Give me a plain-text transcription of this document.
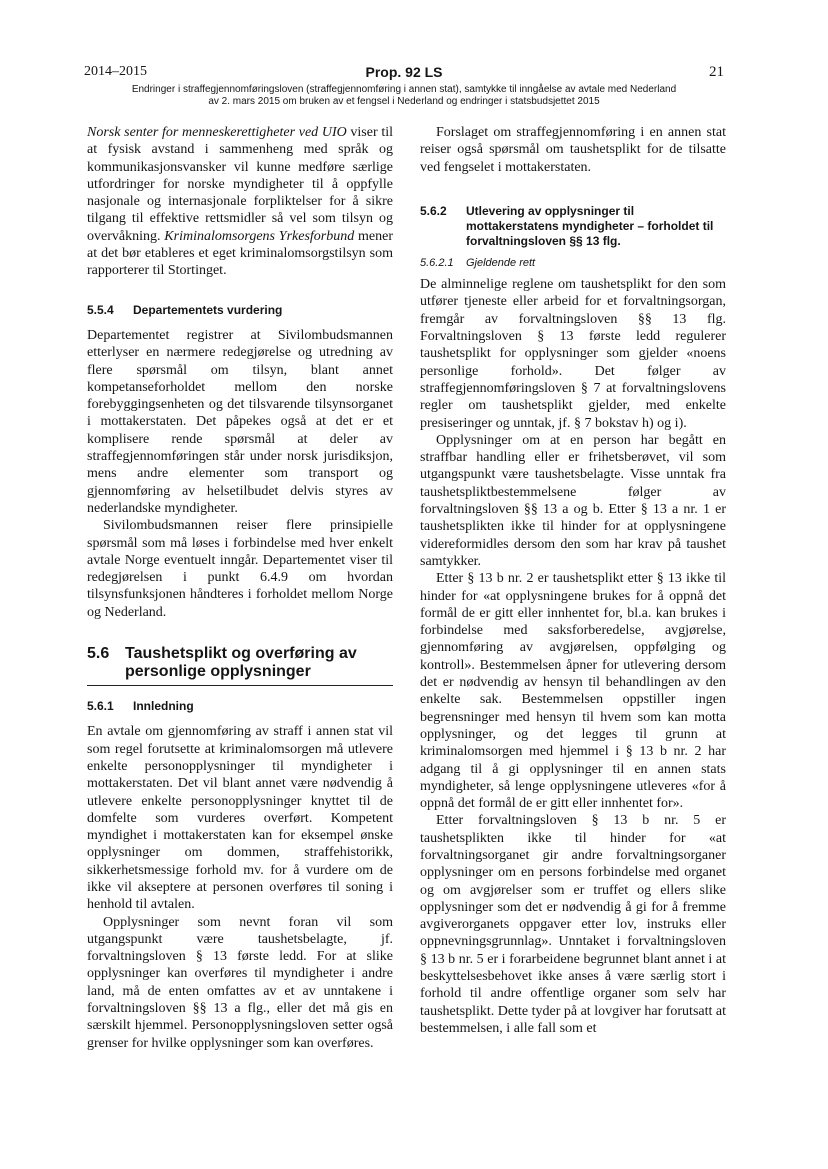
2014–2015	Prop. 92 LS	21
Endringer i straffegjennomføringsloven (straffegjennomføring i annen stat), samtykke til inngåelse av avtale med Nederland
av 2. mars 2015 om bruken av et fengsel i Nederland og endringer i statsbudsjettet 2015

Norsk senter for menneskerettigheter ved UIO viser til at fysisk avstand i sammenheng med språk og kommunikasjonsvansker vil kunne medføre særlige utfordringer for norske myndigheter til å oppfylle nasjonale og internasjonale forpliktelser for å sikre tilgang til effektive rettsmidler så vel som tilsyn og overvåkning. Kriminalomsorgens Yrkesforbund mener at det bør etableres et eget kriminalomsorgstilsyn som rapporterer til Stortinget.

5.5.4 Departementets vurdering

Departementet registrer at Sivilombudsmannen etterlyser en nærmere redegjørelse og utredning av flere spørsmål om tilsyn, blant annet kompetanseforholdet mellom den norske forebyggingsenheten og det tilsvarende tilsynsorganet i mottakerstaten. Det påpekes også at det er et komplisere rende spørsmål at deler av straffegjennomføringen står under norsk jurisdiksjon, mens andre elementer som transport og gjennomføring av helsetilbudet delvis styres av nederlandske myndigheter.

Sivilombudsmannen reiser flere prinsipielle spørsmål som må løses i forbindelse med hver enkelt avtale Norge eventuelt inngår. Departementet viser til redegjørelsen i punkt 6.4.9 om hvordan tilsynsfunksjonen håndteres i forholdet mellom Norge og Nederland.

5.6 Taushetsplikt og overføring av personlige opplysninger
5.6.1 Innledning

En avtale om gjennomføring av straff i annen stat vil som regel forutsette at kriminalomsorgen må utlevere enkelte personopplysninger til myndigheter i mottakerstaten. Det vil blant annet være nødvendig å utlevere enkelte personopplysninger knyttet til de domfelte som vurderes overført. Kompetent myndighet i mottakerstaten kan for eksempel ønske opplysninger om dommen, straffehistorikk, sikkerhetsmessige forhold mv. for å vurdere om de ikke vil akseptere at personen overføres til soning i henhold til avtalen.

Opplysninger som nevnt foran vil som utgangspunkt være taushetsbelagte, jf. forvaltningsloven § 13 første ledd. For at slike opplysninger kan overføres til myndigheter i andre land, må de enten omfattes av et av unntakene i forvaltningsloven §§ 13 a flg., eller det må gis en særskilt hjemmel. Personopplysningsloven setter også grenser for hvilke opplysninger som kan overføres.

Forslaget om straffegjennomføring i en annen stat reiser også spørsmål om taushetsplikt for de tilsatte ved fengselet i mottakerstaten.

5.6.2	Utlevering av opplysninger til mottakerstatens myndigheter – forholdet til forvaltningsloven §§ 13 flg.
5.6.2.1 Gjeldende rett

De alminnelige reglene om taushetsplikt for den som utfører tjeneste eller arbeid for et forvaltningsorgan, fremgår av forvaltningsloven §§ 13 flg. Forvaltningsloven § 13 første ledd regulerer taushetsplikt for opplysninger som gjelder «noens personlige forhold». Det følger av straffegjennomføringsloven § 7 at forvaltningslovens regler om taushetsplikt gjelder, med enkelte presiseringer og unntak, jf. § 7 bokstav h) og i).

Opplysninger om at en person har begått en straffbar handling eller er frihetsberøvet, vil som utgangspunkt være taushetsbelagte. Visse unntak fra taushetspliktbestemmelsene følger av forvaltningsloven §§ 13 a og b. Etter § 13 a nr. 1 er taushetsplikten ikke til hinder for at opplysningene videreformidles dersom den som har krav på taushet samtykker.

Etter § 13 b nr. 2 er taushetsplikt etter § 13 ikke til hinder for «at opplysningene brukes for å oppnå det formål de er gitt eller innhentet for, bl.a. kan brukes i forbindelse med saksforberedelse, avgjørelse, gjennomføring av avgjørelsen, oppfølging og kontroll». Bestemmelsen åpner for utlevering dersom det er nødvendig av hensyn til behandlingen av den enkelte sak. Bestemmelsen oppstiller ingen begrensninger med hensyn til hvem som kan motta opplysninger, og det legges til grunn at kriminalomsorgen med hjemmel i § 13 b nr. 2 har adgang til å gi opplysninger til en annen stats myndigheter, så lenge opplysningene utleveres «for å oppnå det formål de er gitt eller innhentet for».

Etter forvaltningsloven § 13 b nr. 5 er taushetsplikten ikke til hinder for «at forvaltningsorganet gir andre forvaltningsorganer opplysninger om en persons forbindelse med organet og om avgjørelser som er truffet og ellers slike opplysninger som det er nødvendig å gi for å fremme avgiverorganets oppgaver etter lov, instruks eller oppnevningsgrunnlag». Unntaket i forvaltningsloven § 13 b nr. 5 er i forarbeidene begrunnet blant annet i at beskyttelsesbehovet ikke anses å være særlig stort i forhold til andre offentlige organer som selv har taushetsplikt. Dette tyder på at lovgiver har forutsatt at bestemmelsen, i alle fall som et
